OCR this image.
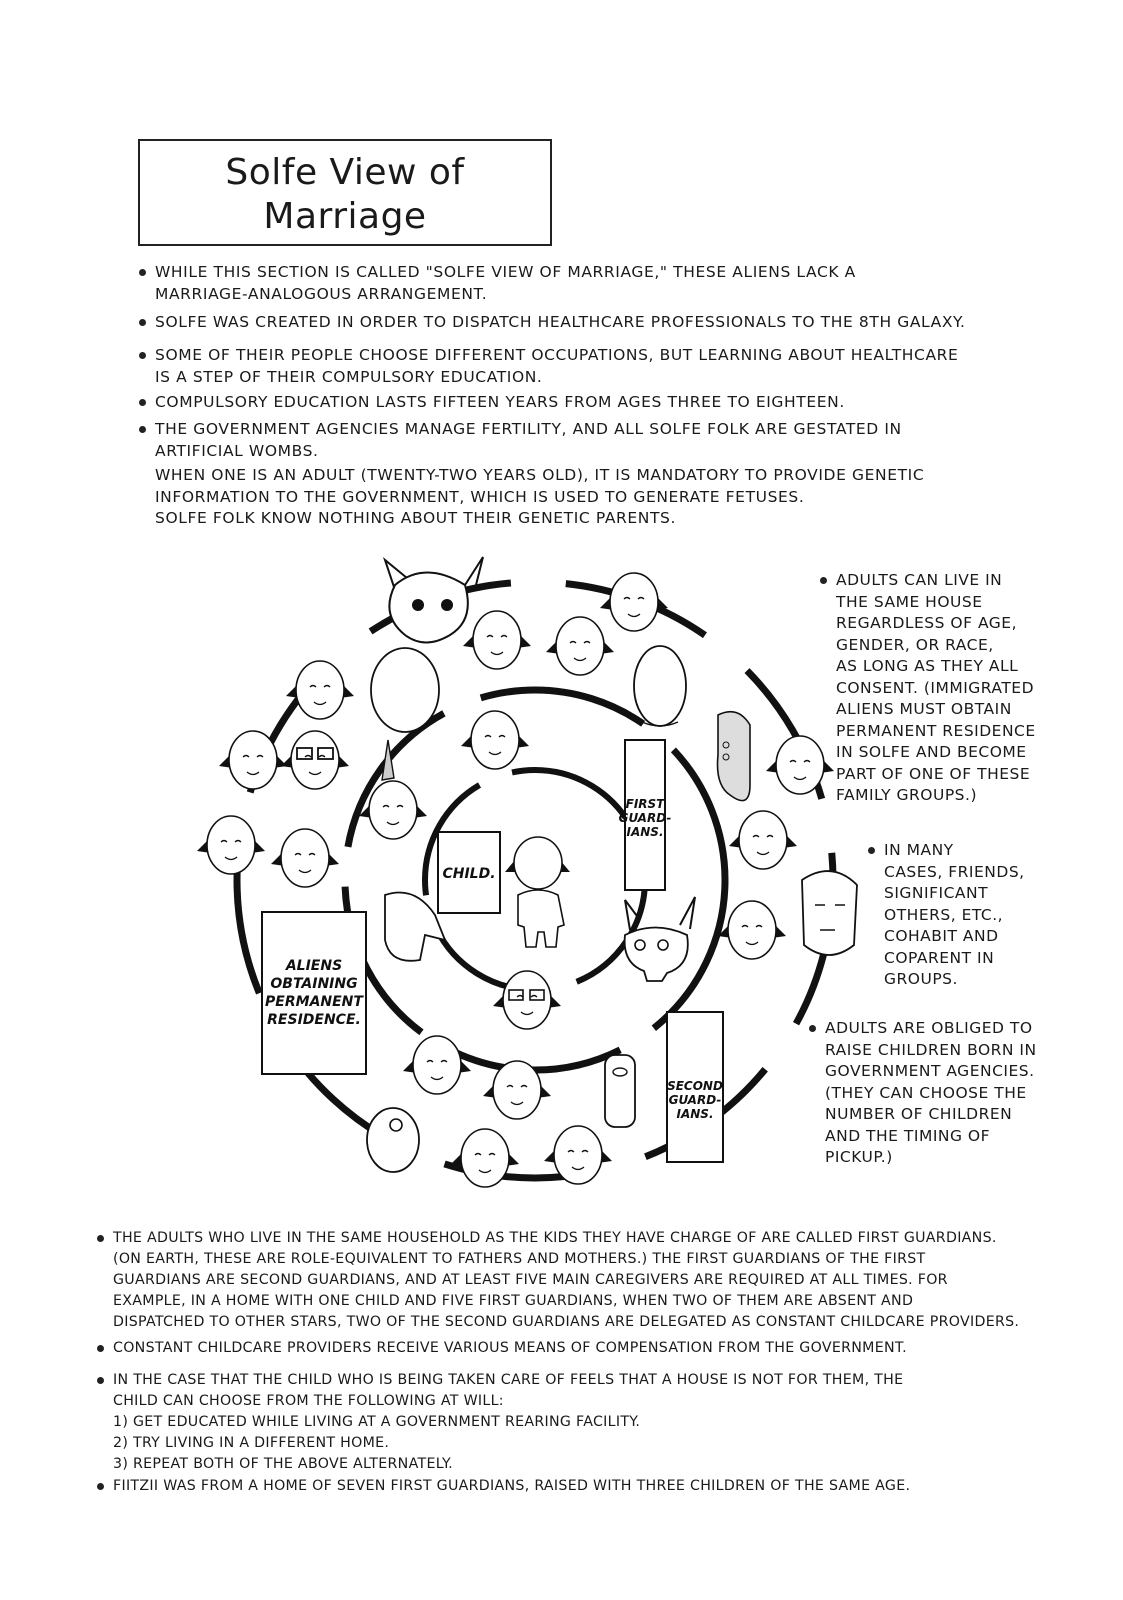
Solfe View of
Marriage
WHILE THIS SECTION IS CALLED "SOLFE VIEW OF MARRIAGE," THESE ALIENS LACK A
MARRIAGE-ANALOGOUS ARRANGEMENT.
SOLFE WAS CREATED IN ORDER TO DISPATCH HEALTHCARE PROFESSIONALS TO THE 8TH GALAXY.
SOME OF THEIR PEOPLE CHOOSE DIFFERENT OCCUPATIONS, BUT LEARNING ABOUT HEALTHCARE
IS A STEP OF THEIR COMPULSORY EDUCATION.
COMPULSORY EDUCATION LASTS FIFTEEN YEARS FROM AGES THREE TO EIGHTEEN.
THE GOVERNMENT AGENCIES MANAGE FERTILITY, AND ALL SOLFE FOLK ARE GESTATED IN
ARTIFICIAL WOMBS.
WHEN ONE IS AN ADULT (TWENTY-TWO YEARS OLD), IT IS MANDATORY TO PROVIDE GENETIC
INFORMATION TO THE GOVERNMENT, WHICH IS USED TO GENERATE FETUSES.
SOLFE FOLK KNOW NOTHING ABOUT THEIR GENETIC PARENTS.
CHILD.
FIRST
GUARD-
IANS.
SECOND
GUARD-
IANS.
ALIENS
OBTAINING
PERMANENT
RESIDENCE.
ADULTS CAN LIVE IN
THE SAME HOUSE
REGARDLESS OF AGE,
GENDER, OR RACE,
AS LONG AS THEY ALL
CONSENT. (IMMIGRATED
ALIENS MUST OBTAIN
PERMANENT RESIDENCE
IN SOLFE AND BECOME
PART OF ONE OF THESE
FAMILY GROUPS.)
IN MANY
CASES, FRIENDS,
SIGNIFICANT
OTHERS, ETC.,
COHABIT AND
COPARENT IN
GROUPS.
ADULTS ARE OBLIGED TO
RAISE CHILDREN BORN IN
GOVERNMENT AGENCIES.
(THEY CAN CHOOSE THE
NUMBER OF CHILDREN
AND THE TIMING OF
PICKUP.)
THE ADULTS WHO LIVE IN THE SAME HOUSEHOLD AS THE KIDS THEY HAVE CHARGE OF ARE CALLED FIRST GUARDIANS.
(ON EARTH, THESE ARE ROLE-EQUIVALENT TO FATHERS AND MOTHERS.) THE FIRST GUARDIANS OF THE FIRST
GUARDIANS ARE SECOND GUARDIANS, AND AT LEAST FIVE MAIN CAREGIVERS ARE REQUIRED AT ALL TIMES. FOR
EXAMPLE, IN A HOME WITH ONE CHILD AND FIVE FIRST GUARDIANS, WHEN TWO OF THEM ARE ABSENT AND
DISPATCHED TO OTHER STARS, TWO OF THE SECOND GUARDIANS ARE DELEGATED AS CONSTANT CHILDCARE PROVIDERS.
CONSTANT CHILDCARE PROVIDERS RECEIVE VARIOUS MEANS OF COMPENSATION FROM THE GOVERNMENT.
IN THE CASE THAT THE CHILD WHO IS BEING TAKEN CARE OF FEELS THAT A HOUSE IS NOT FOR THEM, THE
CHILD CAN CHOOSE FROM THE FOLLOWING AT WILL:
1) GET EDUCATED WHILE LIVING AT A GOVERNMENT REARING FACILITY.
2) TRY LIVING IN A DIFFERENT HOME.
3) REPEAT BOTH OF THE ABOVE ALTERNATELY.
FIITZII WAS FROM A HOME OF SEVEN FIRST GUARDIANS, RAISED WITH THREE CHILDREN OF THE SAME AGE.
